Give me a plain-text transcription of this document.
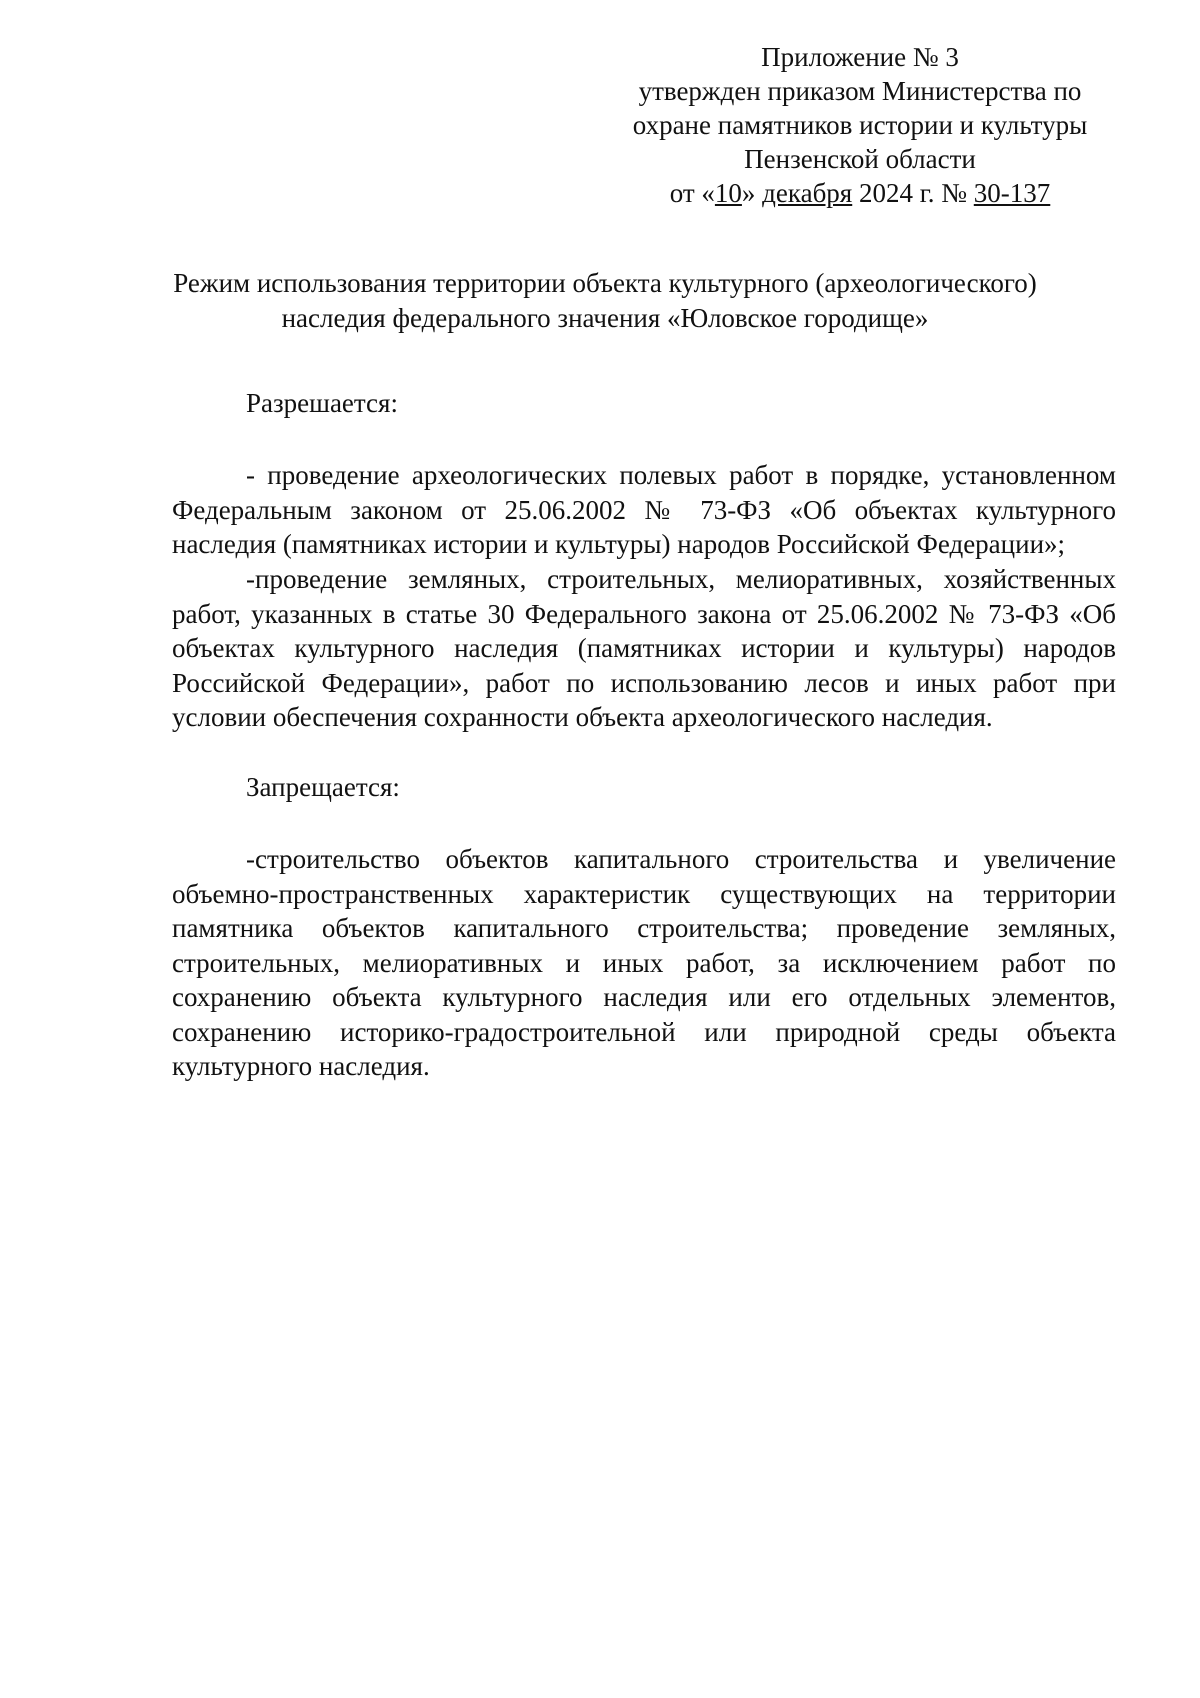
Приложение № 3
утвержден приказом Министерства по
охране памятников истории и культуры
Пензенской области
от «10» декабря 2024 г. № 30-137
Режим использования территории объекта культурного (археологического)
наследия федерального значения «Юловское городище»
Разрешается:

- проведение археологических полевых работ в порядке, установленном Федеральным законом от 25.06.2002 № 73-ФЗ «Об объектах культурного наследия (памятниках истории и культуры) народов Российской Федерации»;

-проведение земляных, строительных, мелиоративных, хозяйственных работ, указанных в статье 30 Федерального закона от 25.06.2002 № 73-ФЗ «Об объектах культурного наследия (памятниках истории и культуры) народов Российской Федерации», работ по использованию лесов и иных работ при условии обеспечения сохранности объекта археологического наследия.

Запрещается:

-строительство объектов капитального строительства и увеличение объемно-пространственных характеристик существующих на территории памятника объектов капитального строительства; проведение земляных, строительных, мелиоративных и иных работ, за исключением работ по сохранению объекта культурного наследия или его отдельных элементов, сохранению историко-градостроительной или природной среды объекта культурного наследия.
